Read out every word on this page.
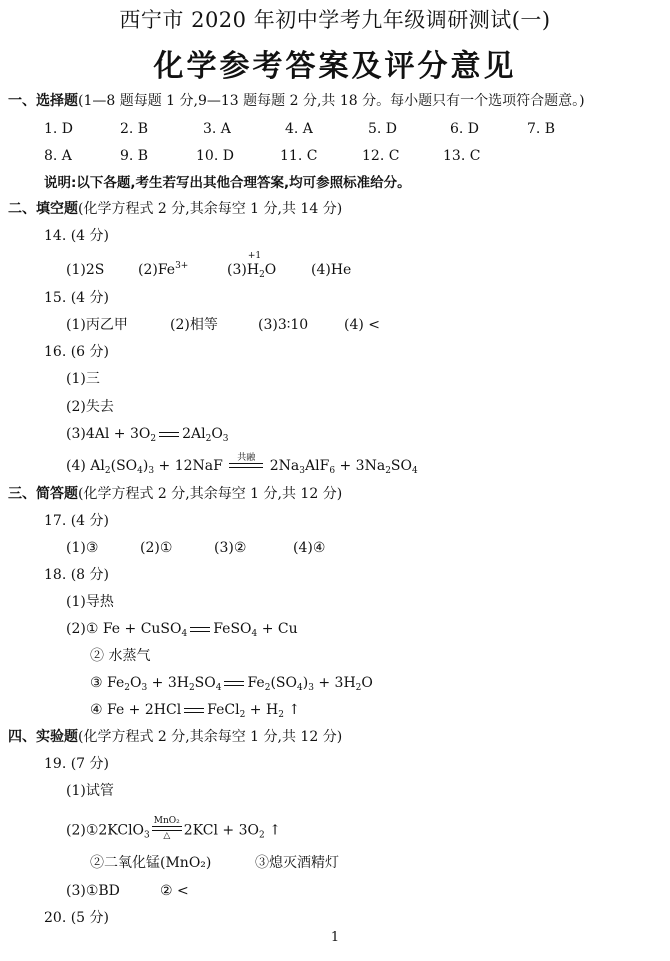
西宁市 2020 年初中学考九年级调研测试(一)
化学参考答案及评分意见
一、选择题(1—8 题每题 1 分,9—13 题每题 2 分,共 18 分。每小题只有一个选项符合题意。)
1. D	2. B	3. A	4. A	5. D	6. D	7. B
8. A	9. B	10. D	11. C	12. C	13. C
说明:以下各题,考生若写出其他合理答案,均可参照标准给分。
二、填空题(化学方程式 2 分,其余每空 1 分,共 14 分)
14. (4 分)
(1)2S $(2)Fe^{3+}$	(3)
+1
$H_2O$ (4)He
15. (4 分)
(1)丙乙甲	(2)相等	(3)3∶10	(4) <
16. (6 分)
(1)三
(2)失去
$(3)4Al + 3O_2$ $2Al_2O_3$
(4) $Al_2(SO_4)_3 + 12NaF$
共融
$2Na_3AlF_6 + 3Na_2SO_4$
三、简答题(化学方程式 2 分,其余每空 1 分,共 12 分)
17. (4 分)
(1)③	(2)①	(3)②	(4)④
18. (8 分)
(1)导热
(2)① Fe + CuSO$_4$ FeSO$_4$ + Cu
② 水蒸气
③ $Fe_2O_3 + 3H_2SO_4$ $Fe_2(SO_4)_3 + 3H_2O$
④ Fe + 2HCl FeCl$_2$ + $H_2$ ↑
四、实验题(化学方程式 2 分,其余每空 1 分,共 12 分)
19. (7 分)
(1)试管
(2)①2KClO$_3$
MnO₂
△ $2KCl + 3O_2$ ↑
②二氧化锰(MnO₂)	③熄灭酒精灯
(3)①BD	② <
20. (5 分)
1
